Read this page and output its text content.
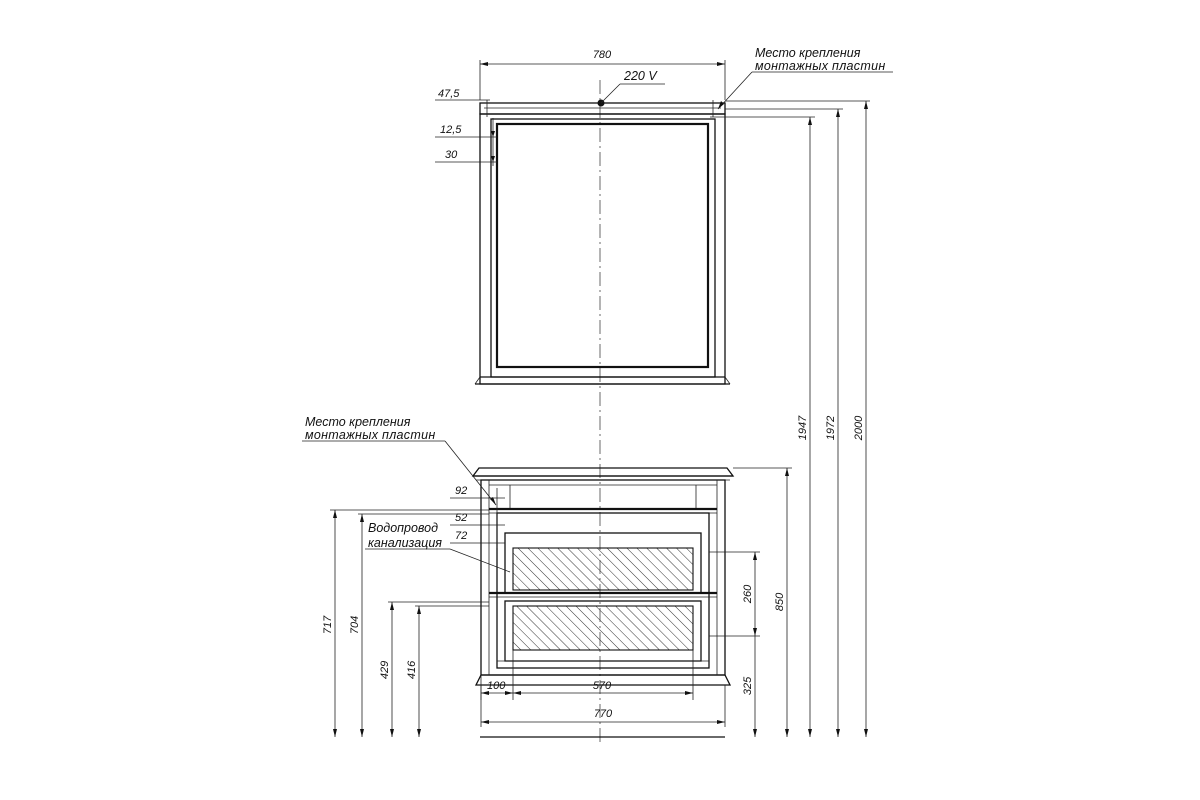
780
220 V
Место крепления
монтажных пластин
47,5
12,5
30
1947 1972 2000
Место крепления
монтажных пластин
Водопровод
канализация
92
52
72
717 704
429 416
260
325
850
100	570
770
